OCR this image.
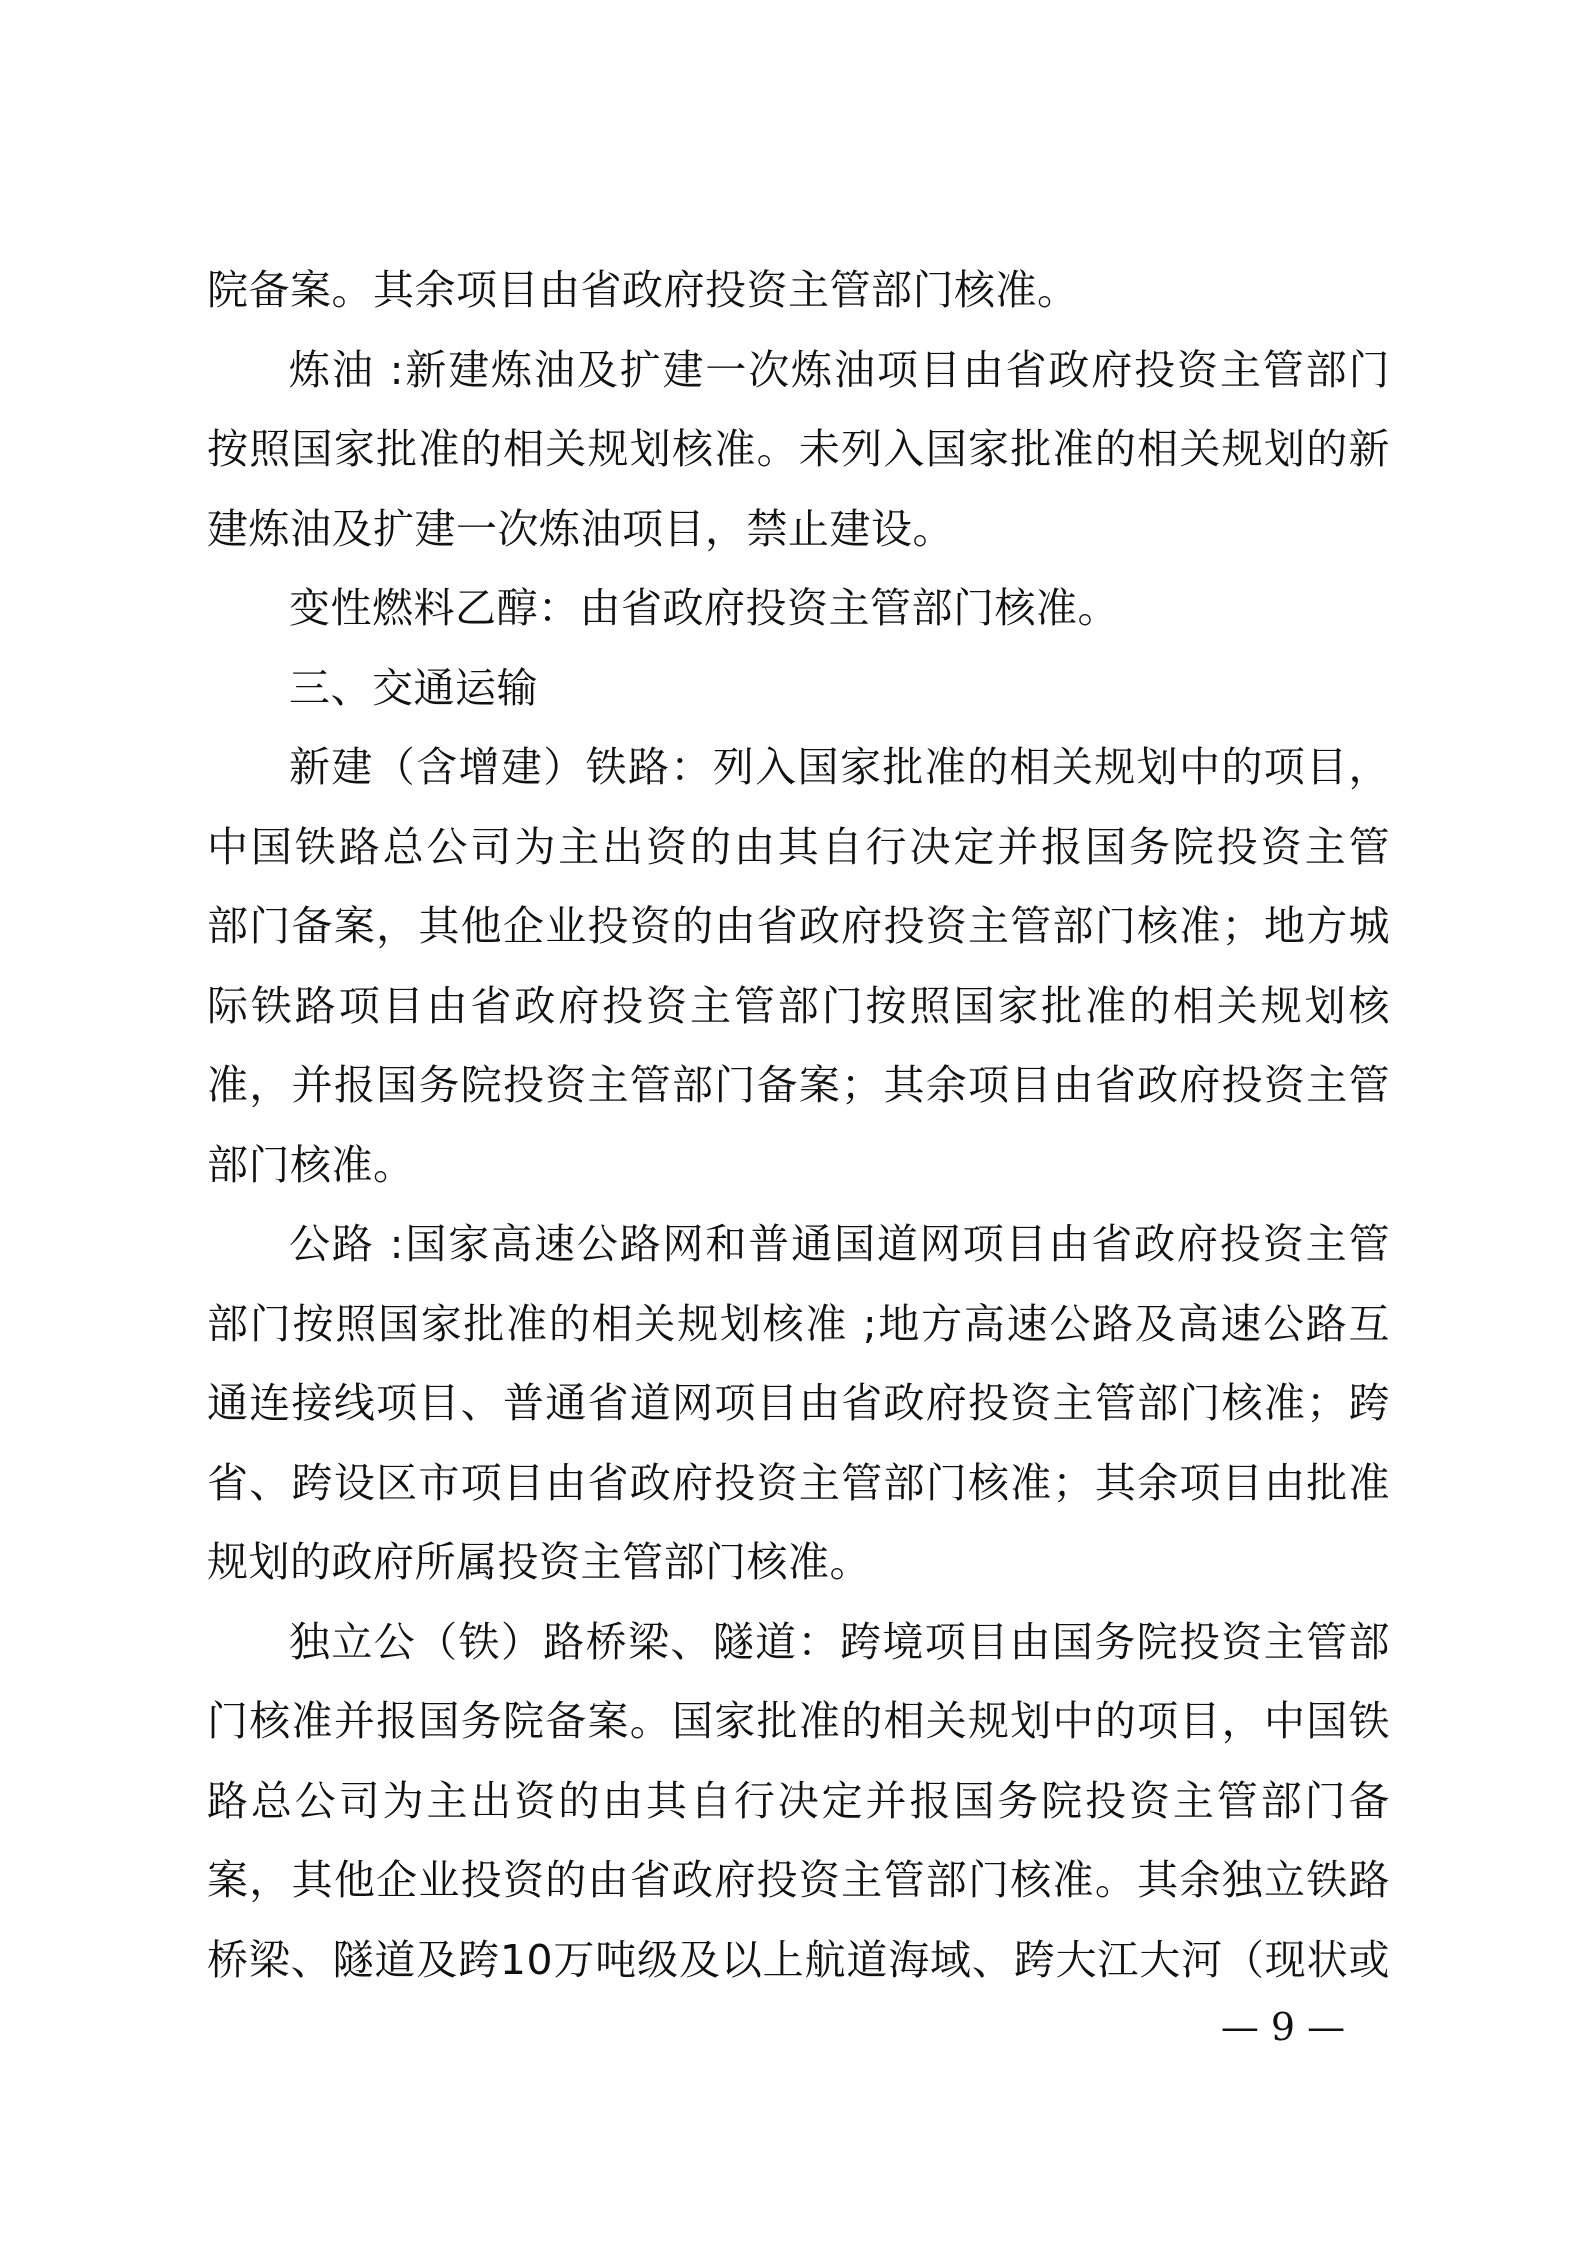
院备案。其余项目由省政府投资主管部门核准。
炼油 :新建炼油及扩建一次炼油项目由省政府投资主管部门
按照国家批准的相关规划核准。未列入国家批准的相关规划的新
建炼油及扩建一次炼油项目，禁止建设。
变性燃料乙醇：由省政府投资主管部门核准。
三、交通运输
新建（含增建）铁路：列入国家批准的相关规划中的项目，
中国铁路总公司为主出资的由其自行决定并报国务院投资主管
部门备案，其他企业投资的由省政府投资主管部门核准；地方城
际铁路项目由省政府投资主管部门按照国家批准的相关规划核
准，并报国务院投资主管部门备案；其余项目由省政府投资主管
部门核准。
公路 :国家高速公路网和普通国道网项目由省政府投资主管
部门按照国家批准的相关规划核准 ;地方高速公路及高速公路互
通连接线项目、普通省道网项目由省政府投资主管部门核准；跨
省、跨设区市项目由省政府投资主管部门核准；其余项目由批准
规划的政府所属投资主管部门核准。
独立公（铁）路桥梁、隧道：跨境项目由国务院投资主管部
门核准并报国务院备案。国家批准的相关规划中的项目，中国铁
路总公司为主出资的由其自行决定并报国务院投资主管部门备
案，其他企业投资的由省政府投资主管部门核准。其余独立铁路
桥梁、隧道及跨10万吨级及以上航道海域、跨大江大河（现状或
— 9 —
